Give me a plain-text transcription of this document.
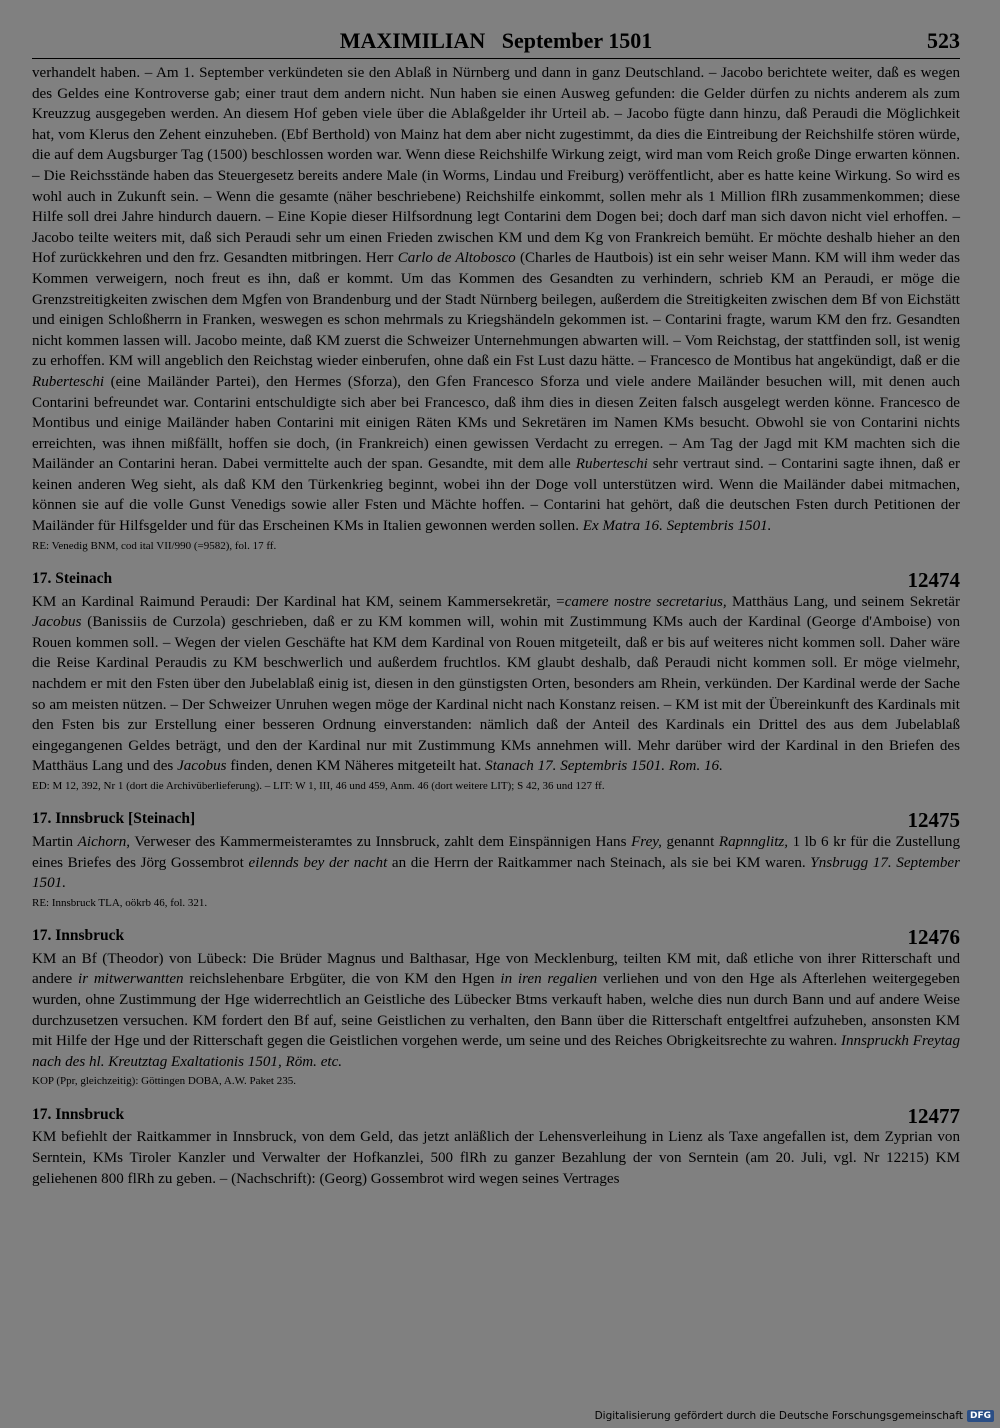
MAXIMILIAN   September 1501	523

verhandelt haben. – Am 1. September verkündeten sie den Ablaß in Nürnberg und dann in ganz Deutschland. – Jacobo berichtete weiter, daß es wegen des Geldes eine Kontroverse gab; einer traut dem andern nicht. Nun haben sie einen Ausweg gefunden: die Gelder dürfen zu nichts anderem als zum Kreuzzug ausgegeben werden. An diesem Hof geben viele über die Ablaßgelder ihr Urteil ab. – Jacobo fügte dann hinzu, daß Peraudi die Möglichkeit hat, vom Klerus den Zehent einzuheben. (Ebf Berthold) von Mainz hat dem aber nicht zugestimmt, da dies die Eintreibung der Reichshilfe stören würde, die auf dem Augsburger Tag (1500) beschlossen worden war. Wenn diese Reichshilfe Wirkung zeigt, wird man vom Reich große Dinge erwarten können. – Die Reichsstände haben das Steuergesetz bereits andere Male (in Worms, Lindau und Freiburg) veröffentlicht, aber es hatte keine Wirkung. So wird es wohl auch in Zukunft sein. – Wenn die gesamte (näher beschriebene) Reichshilfe einkommt, sollen mehr als 1 Million flRh zusammenkommen; diese Hilfe soll drei Jahre hindurch dauern. – Eine Kopie dieser Hilfsordnung legt Contarini dem Dogen bei; doch darf man sich davon nicht viel erhoffen. – Jacobo teilte weiters mit, daß sich Peraudi sehr um einen Frieden zwischen KM und dem Kg von Frankreich bemüht. Er möchte deshalb hieher an den Hof zurückkehren und den frz. Gesandten mitbringen. Herr Carlo de Altobosco (Charles de Hautbois) ist ein sehr weiser Mann. KM will ihm weder das Kommen verweigern, noch freut es ihn, daß er kommt. Um das Kommen des Gesandten zu verhindern, schrieb KM an Peraudi, er möge die Grenzstreitigkeiten zwischen dem Mgfen von Brandenburg und der Stadt Nürnberg beilegen, außerdem die Streitigkeiten zwischen dem Bf von Eichstätt und einigen Schloßherrn in Franken, weswegen es schon mehrmals zu Kriegshändeln gekommen ist. – Contarini fragte, warum KM den frz. Gesandten nicht kommen lassen will. Jacobo meinte, daß KM zuerst die Schweizer Unternehmungen abwarten will. – Vom Reichstag, der stattfinden soll, ist wenig zu erhoffen. KM will angeblich den Reichstag wieder einberufen, ohne daß ein Fst Lust dazu hätte. – Francesco de Montibus hat angekündigt, daß er die Ruberteschi (eine Mailänder Partei), den Hermes (Sforza), den Gfen Francesco Sforza und viele andere Mailänder besuchen will, mit denen auch Contarini befreundet war. Contarini entschuldigte sich aber bei Francesco, daß ihm dies in diesen Zeiten falsch ausgelegt werden könne. Francesco de Montibus und einige Mailänder haben Contarini mit einigen Räten KMs und Sekretären im Namen KMs besucht. Obwohl sie von Contarini nichts erreichten, was ihnen mißfällt, hoffen sie doch, (in Frankreich) einen gewissen Verdacht zu erregen. – Am Tag der Jagd mit KM machten sich die Mailänder an Contarini heran. Dabei vermittelte auch der span. Gesandte, mit dem alle Ruberteschi sehr vertraut sind. – Contarini sagte ihnen, daß er keinen anderen Weg sieht, als daß KM den Türkenkrieg beginnt, wobei ihn der Doge voll unterstützen wird. Wenn die Mailänder dabei mitmachen, können sie auf die volle Gunst Venedigs sowie aller Fsten und Mächte hoffen. – Contarini hat gehört, daß die deutschen Fsten durch Petitionen der Mailänder für Hilfsgelder und für das Erscheinen KMs in Italien gewonnen werden sollen. Ex Matra 16. Septembris 1501.

RE: Venedig BNM, cod ital VII/990 (=9582), fol. 17 ff.

17. Steinach	12474

KM an Kardinal Raimund Peraudi: Der Kardinal hat KM, seinem Kammersekretär, =camere nostre secretarius, Matthäus Lang, und seinem Sekretär Jacobus (Banissiis de Curzola) geschrieben, daß er zu KM kommen will, wohin mit Zustimmung KMs auch der Kardinal (George d'Amboise) von Rouen kommen soll. – Wegen der vielen Geschäfte hat KM dem Kardinal von Rouen mitgeteilt, daß er bis auf weiteres nicht kommen soll. Daher wäre die Reise Kardinal Peraudis zu KM beschwerlich und außerdem fruchtlos. KM glaubt deshalb, daß Peraudi nicht kommen soll. Er möge vielmehr, nachdem er mit den Fsten über den Jubelablaß einig ist, diesen in den günstigsten Orten, besonders am Rhein, verkünden. Der Kardinal werde der Sache so am meisten nützen. – Der Schweizer Unruhen wegen möge der Kardinal nicht nach Konstanz reisen. – KM ist mit der Übereinkunft des Kardinals mit den Fsten bis zur Erstellung einer besseren Ordnung einverstanden: nämlich daß der Anteil des Kardinals ein Drittel des aus dem Jubelablaß eingegangenen Geldes beträgt, und den der Kardinal nur mit Zustimmung KMs annehmen will. Mehr darüber wird der Kardinal in den Briefen des Matthäus Lang und des Jacobus finden, denen KM Näheres mitgeteilt hat. Stanach 17. Septembris 1501. Rom. 16.

ED: M 12, 392, Nr 1 (dort die Archivüberlieferung). – LIT: W 1, III, 46 und 459, Anm. 46 (dort weitere LIT); S 42, 36 und 127 ff.

17. Innsbruck [Steinach]	12475

Martin Aichorn, Verweser des Kammermeisteramtes zu Innsbruck, zahlt dem Einspännigen Hans Frey, genannt Rapnnglitz, 1 lb 6 kr für die Zustellung eines Briefes des Jörg Gossembrot eilennds bey der nacht an die Herrn der Raitkammer nach Steinach, als sie bei KM waren. Ynsbrugg 17. September 1501.

RE: Innsbruck TLA, oökrb 46, fol. 321.

17. Innsbruck	12476

KM an Bf (Theodor) von Lübeck: Die Brüder Magnus und Balthasar, Hge von Mecklenburg, teilten KM mit, daß etliche von ihrer Ritterschaft und andere ir mitwerwantten reichslehenbare Erbgüter, die von KM den Hgen in iren regalien verliehen und von den Hge als Afterlehen weitergegeben wurden, ohne Zustimmung der Hge widerrechtlich an Geistliche des Lübecker Btms verkauft haben, welche dies nun durch Bann und auf andere Weise durchzusetzen versuchen. KM fordert den Bf auf, seine Geistlichen zu verhalten, den Bann über die Ritterschaft entgeltfrei aufzuheben, ansonsten KM mit Hilfe der Hge und der Ritterschaft gegen die Geistlichen vorgehen werde, um seine und des Reiches Obrigkeitsrechte zu wahren. Innspruckh Freytag nach des hl. Kreutztag Exaltationis 1501, Röm. etc.

KOP (Ppr, gleichzeitig): Göttingen DOBA, A.W. Paket 235.

17. Innsbruck	12477

KM befiehlt der Raitkammer in Innsbruck, von dem Geld, das jetzt anläßlich der Lehensverleihung in Lienz als Taxe angefallen ist, dem Zyprian von Serntein, KMs Tiroler Kanzler und Verwalter der Hofkanzlei, 500 flRh zu ganzer Bezahlung der von Serntein (am 20. Juli, vgl. Nr 12215) KM geliehenen 800 flRh zu geben. – (Nachschrift): (Georg) Gossembrot wird wegen seines Vertrages

Digitalisierung gefördert durch die Deutsche Forschungsgemeinschaft DFG
